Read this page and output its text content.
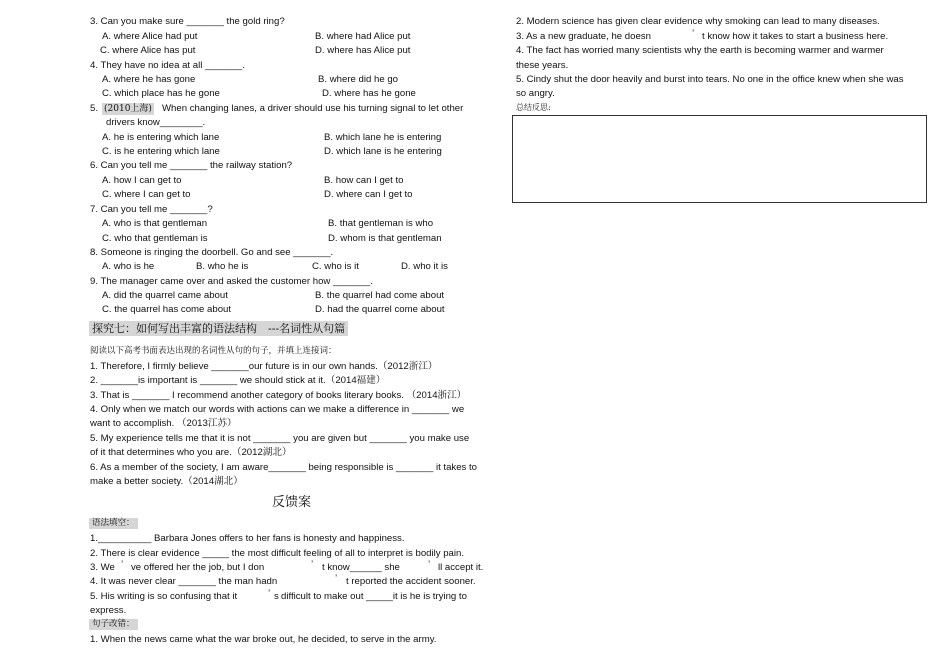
3. Can you make sure _______ the gold ring?
A. where Alice had put	B. where had Alice put
C. where Alice has put	D. where has Alice put
4. They have no idea at all _______.
A. where he has gone	B. where did he go
C. which place has he gone	D. where has he gone
5. (2010上海) When changing lanes, a driver should use his turning signal to let other
drivers know________.
A. he is entering which lane	B. which lane he is entering
C. is he entering which lane	D. which lane is he entering
6. Can you tell me _______ the railway station?
A. how I can get to	B. how can I get to
C. where I can get to	D. where can I get to
7. Can you tell me _______?
A. who is that gentleman	B. that gentleman is who
C. who that gentleman is	D. whom is that gentleman
8. Someone is ringing the doorbell. Go and see _______.
A. who is he	B. who he is	C. who is it	D. who it is
9. The manager came over and asked the customer how _______.
A. did the quarrel came about	B. the quarrel had come about
C. the quarrel has come about	D. had the quarrel come about
探究七：如何写出丰富的语法结构　---名词性从句篇
阅读以下高考书面表达出现的名词性从句的句子，并填上连接词：
1. Therefore, I firmly believe _______our future is in our own hands.（2012浙江）
2. _______is important is _______ we should stick at it.（2014福建）
3. That is _______ I recommend another category of books literary books. （2014浙江）
4. Only when we match our words with actions can we make a difference in _______ we
want to accomplish. （2013江苏）
5. My experience tells me that it is not _______ you are given but _______ you make use
of it that determines who you are.（2012湖北）
6. As a member of the society, I am aware_______ being responsible is _______ it takes to
make a better society.（2014湖北）
反馈案
语法填空：
1.__________ Barbara Jones offers to her fans is honesty and happiness.
2. There is clear evidence _____ the most difficult feeling of all to interpret is bodily pain.
3. We ’ ve offered her the job, but I don	’ t know______ she	’ ll accept it.
4. It was never clear _______ the man hadn	’ t reported the accident sooner.
5. His writing is so confusing that it	’ s difficult to make out _____it is he is trying to
express.
句子改错：
1. When the news came what the war broke out, he decided, to serve in the army.
2. Modern science has given clear evidence why smoking can lead to many diseases.
3. As a new graduate, he doesn	’ t know how it takes to start a business here.
4. The fact has worried many scientists why the earth is becoming warmer and warmer
these years.
5. Cindy shut the door heavily and burst into tears. No one in the office knew when she was
so angry.
总结反思:
